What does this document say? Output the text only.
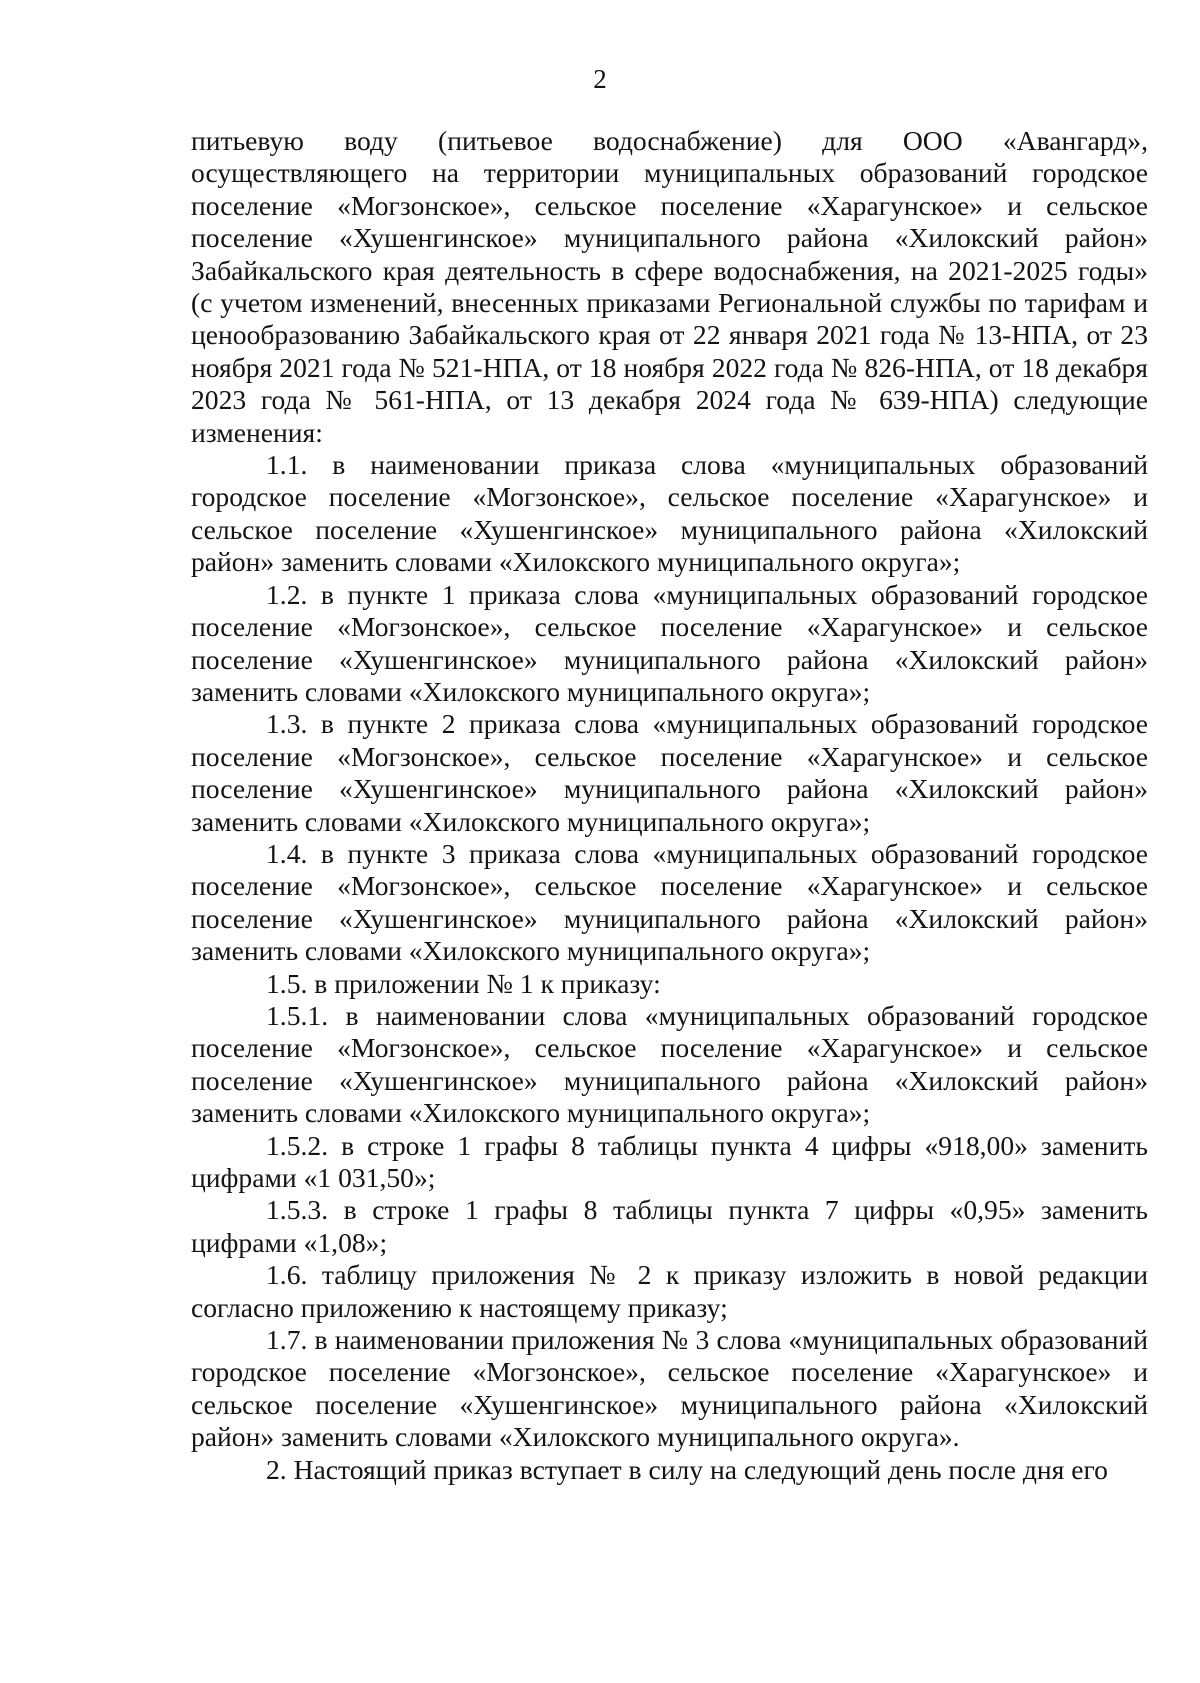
2

питьевую воду (питьевое водоснабжение) для ООО «Авангард», осуществляющего на территории муниципальных образований городское поселение «Могзонское», сельское поселение «Харагунское» и сельское поселение «Хушенгинское» муниципального района «Хилокский район» Забайкальского края деятельность в сфере водоснабжения, на 2021-2025 годы» (с учетом изменений, внесенных приказами Региональной службы по тарифам и ценообразованию Забайкальского края от 22 января 2021 года № 13-НПА, от 23 ноября 2021 года № 521-НПА, от 18 ноября 2022 года № 826-НПА, от 18 декабря 2023 года № 561-НПА, от 13 декабря 2024 года № 639-НПА) следующие изменения:

1.1. в наименовании приказа слова «муниципальных образований городское поселение «Могзонское», сельское поселение «Харагунское» и сельское поселение «Хушенгинское» муниципального района «Хилокский район» заменить словами «Хилокского муниципального округа»;

1.2. в пункте 1 приказа слова «муниципальных образований городское поселение «Могзонское», сельское поселение «Харагунское» и сельское поселение «Хушенгинское» муниципального района «Хилокский район» заменить словами «Хилокского муниципального округа»;

1.3. в пункте 2 приказа слова «муниципальных образований городское поселение «Могзонское», сельское поселение «Харагунское» и сельское поселение «Хушенгинское» муниципального района «Хилокский район» заменить словами «Хилокского муниципального округа»;

1.4. в пункте 3 приказа слова «муниципальных образований городское поселение «Могзонское», сельское поселение «Харагунское» и сельское поселение «Хушенгинское» муниципального района «Хилокский район» заменить словами «Хилокского муниципального округа»;

1.5. в приложении № 1 к приказу:

1.5.1. в наименовании слова «муниципальных образований городское поселение «Могзонское», сельское поселение «Харагунское» и сельское поселение «Хушенгинское» муниципального района «Хилокский район» заменить словами «Хилокского муниципального округа»;

1.5.2. в строке 1 графы 8 таблицы пункта 4 цифры «918,00» заменить цифрами «1 031,50»;

1.5.3. в строке 1 графы 8 таблицы пункта 7 цифры «0,95» заменить цифрами «1,08»;

1.6. таблицу приложения № 2 к приказу изложить в новой редакции согласно приложению к настоящему приказу;

1.7. в наименовании приложения № 3 слова «муниципальных образований городское поселение «Могзонское», сельское поселение «Харагунское» и сельское поселение «Хушенгинское» муниципального района «Хилокский район» заменить словами «Хилокского муниципального округа».

2. Настоящий приказ вступает в силу на следующий день после дня его
